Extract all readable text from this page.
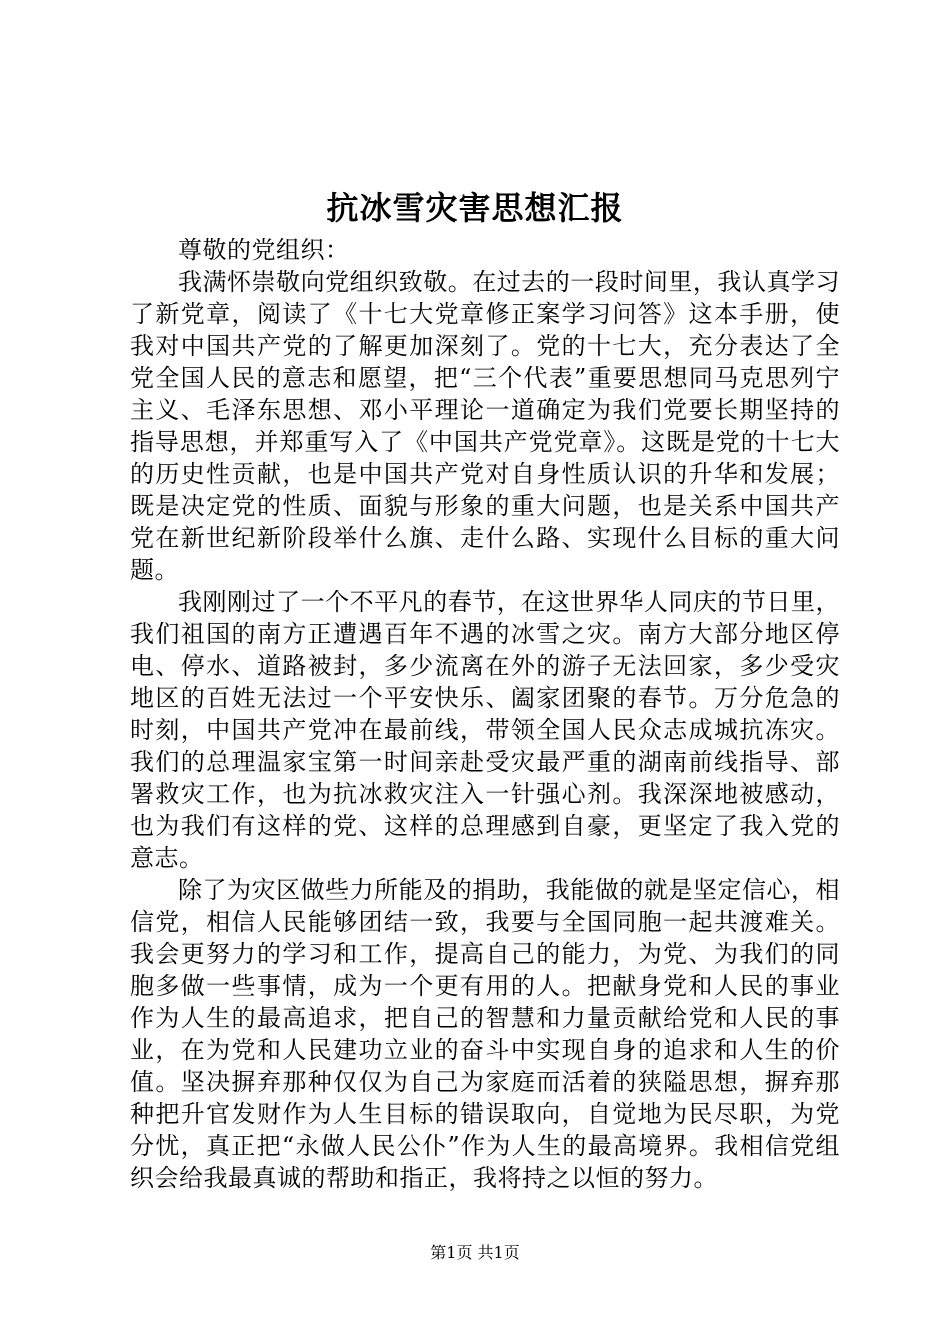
抗冰雪灾害思想汇报

尊敬的党组织：

我满怀崇敬向党组织致敬。在过去的一段时间里，我认真学习了新党章，阅读了《十七大党章修正案学习问答》这本手册，使我对中国共产党的了解更加深刻了。党的十七大，充分表达了全党全国人民的意志和愿望，把“三个代表”重要思想同马克思列宁主义、毛泽东思想、邓小平理论一道确定为我们党要长期坚持的指导思想，并郑重写入了《中国共产党党章》。这既是党的十七大的历史性贡献，也是中国共产党对自身性质认识的升华和发展；既是决定党的性质、面貌与形象的重大问题，也是关系中国共产党在新世纪新阶段举什么旗、走什么路、实现什么目标的重大问题。

我刚刚过了一个不平凡的春节，在这世界华人同庆的节日里，我们祖国的南方正遭遇百年不遇的冰雪之灾。南方大部分地区停电、停水、道路被封，多少流离在外的游子无法回家，多少受灾地区的百姓无法过一个平安快乐、阖家团聚的春节。万分危急的时刻，中国共产党冲在最前线，带领全国人民众志成城抗冻灾。我们的总理温家宝第一时间亲赴受灾最严重的湖南前线指导、部署救灾工作，也为抗冰救灾注入一针强心剂。我深深地被感动，也为我们有这样的党、这样的总理感到自豪，更坚定了我入党的意志。

除了为灾区做些力所能及的捐助，我能做的就是坚定信心，相信党，相信人民能够团结一致，我要与全国同胞一起共渡难关。我会更努力的学习和工作，提高自己的能力，为党、为我们的同胞多做一些事情，成为一个更有用的人。把献身党和人民的事业作为人生的最高追求，把自己的智慧和力量贡献给党和人民的事业，在为党和人民建功立业的奋斗中实现自身的追求和人生的价值。坚决摒弃那种仅仅为自己为家庭而活着的狭隘思想，摒弃那种把升官发财作为人生目标的错误取向，自觉地为民尽职，为党分忧，真正把“永做人民公仆”作为人生的最高境界。我相信党组织会给我最真诚的帮助和指正，我将持之以恒的努力。

第1页 共1页
